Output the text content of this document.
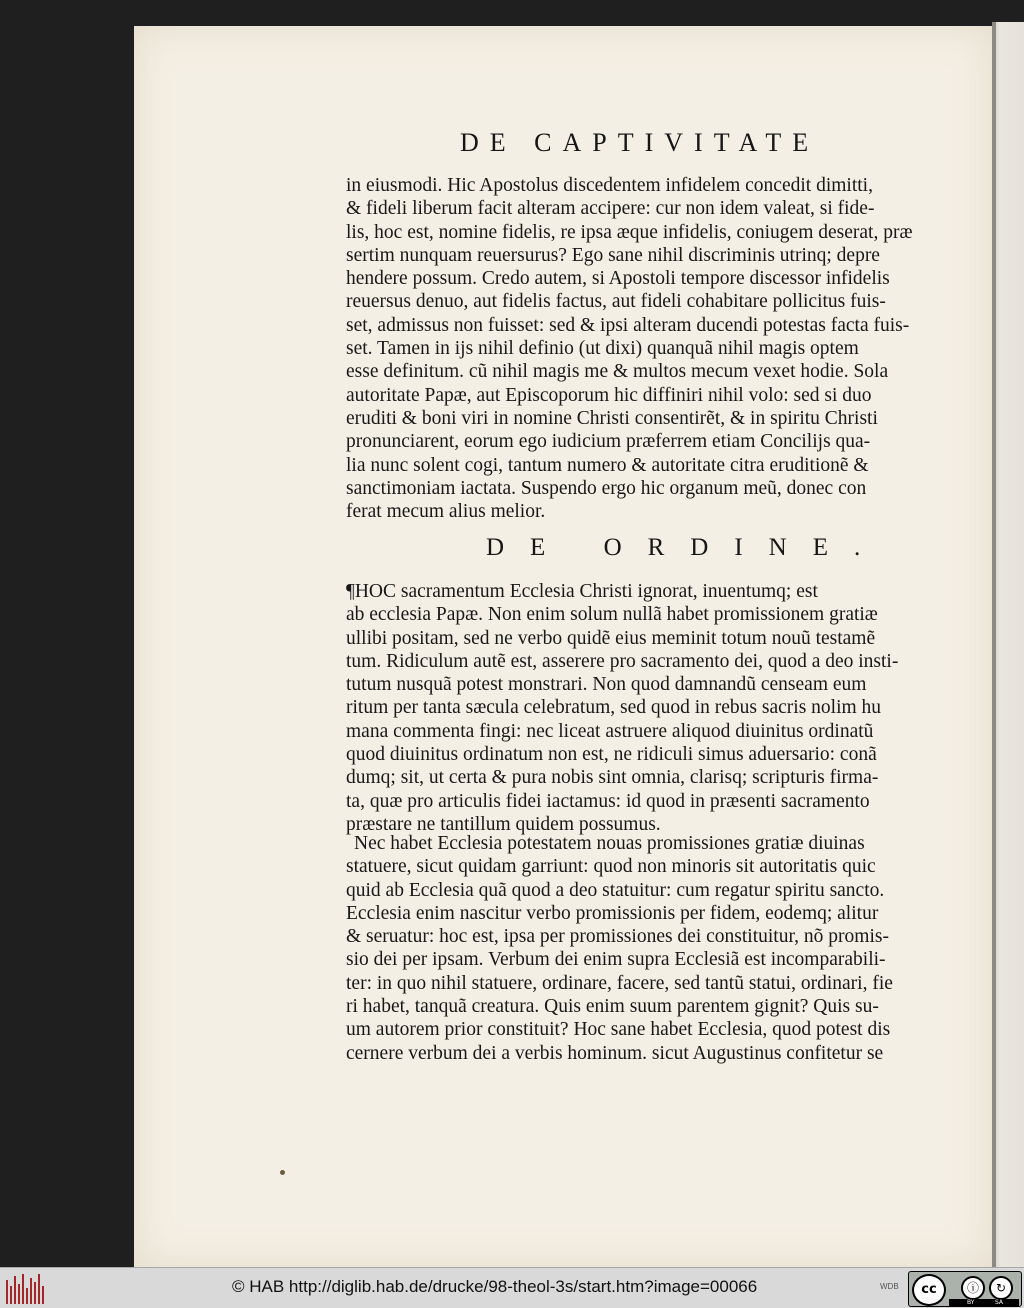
DE CAPTIVITATE
in eiusmodi. Hic Apostolus discedentem infidelem concedit dimitti,
& fideli liberum facit alteram accipere: cur non idem valeat, si fide-
lis, hoc est, nomine fidelis, re ipsa æque infidelis, coniugem deserat, præ
sertim nunquam reuersurus? Ego sane nihil discriminis utrinq; depre
hendere possum. Credo autem, si Apostoli tempore discessor infidelis
reuersus denuo, aut fidelis factus, aut fideli cohabitare pollicitus fuis-
set, admissus non fuisset: sed & ipsi alteram ducendi potestas facta fuis-
set. Tamen in ijs nihil definio (ut dixi) quanquã nihil magis optem
esse definitum. cũ nihil magis me & multos mecum vexet hodie. Sola
autoritate Papæ, aut Episcoporum hic diffiniri nihil volo: sed si duo
eruditi & boni viri in nomine Christi consentirẽt, & in spiritu Christi
pronunciarent, eorum ego iudicium præferrem etiam Concilijs qua-
lia nunc solent cogi, tantum numero & autoritate citra eruditionẽ &
sanctimoniam iactata. Suspendo ergo hic organum meũ, donec con
ferat mecum alius melior.
DE ORDINE.
¶HOC sacramentum Ecclesia Christi ignorat, inuentumq; est
ab ecclesia Papæ. Non enim solum nullã habet promissionem gratiæ
ullibi positam, sed ne verbo quidẽ eius meminit totum nouũ testamẽ
tum. Ridiculum autẽ est, asserere pro sacramento dei, quod a deo insti-
tutum nusquã potest monstrari. Non quod damnandũ censeam eum
ritum per tanta sæcula celebratum, sed quod in rebus sacris nolim hu
mana commenta fingi: nec liceat astruere aliquod diuinitus ordinatũ
quod diuinitus ordinatum non est, ne ridiculi simus aduersario: conã
dumq; sit, ut certa & pura nobis sint omnia, clarisq; scripturis firma-
ta, quæ pro articulis fidei iactamus: id quod in præsenti sacramento
præstare ne tantillum quidem possumus.
Nec habet Ecclesia potestatem nouas promissiones gratiæ diuinas
statuere, sicut quidam garriunt: quod non minoris sit autoritatis quic
quid ab Ecclesia quã quod a deo statuitur: cum regatur spiritu sancto.
Ecclesia enim nascitur verbo promissionis per fidem, eodemq; alitur
& seruatur: hoc est, ipsa per promissiones dei constituitur, nõ promis-
sio dei per ipsam. Verbum dei enim supra Ecclesiã est incomparabili-
ter: in quo nihil statuere, ordinare, facere, sed tantũ statui, ordinari, fie
ri habet, tanquã creatura. Quis enim suum parentem gignit? Quis su-
um autorem prior constituit? Hoc sane habet Ecclesia, quod potest dis
cernere verbum dei a verbis hominum. sicut Augustinus confitetur se
© HAB http://diglib.hab.de/drucke/98-theol-3s/start.htm?image=00066	WDB	cc	ⓘ	↻
BY	SA
